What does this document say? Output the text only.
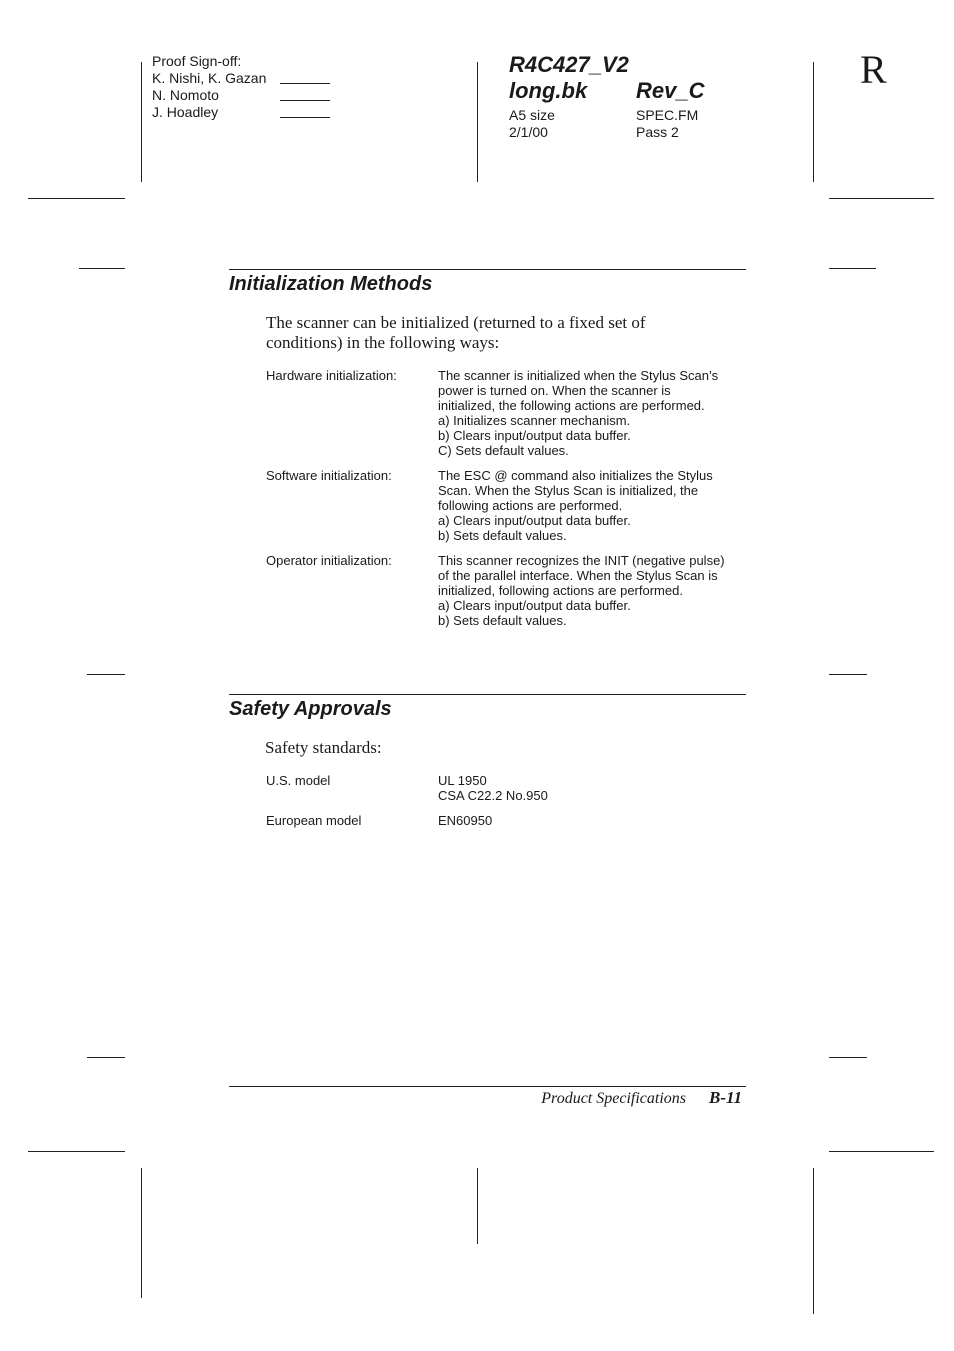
Proof Sign-off:
K. Nishi, K. Gazan
N. Nomoto
J. Hoadley
R4C427_V2
long.bk Rev_C
A5 size
2/1/00
SPEC.FM
Pass 2
R
Initialization Methods
The scanner can be initialized (returned to a fixed set of
conditions) in the following ways:
Hardware initialization:	The scanner is initialized when the Stylus Scan’s
power is turned on. When the scanner is
initialized, the following actions are performed.
a) Initializes scanner mechanism.
b) Clears input/output data buffer.
C) Sets default values.
Software initialization:	The ESC @ command also initializes the Stylus
Scan. When the Stylus Scan is initialized, the
following actions are performed.
a) Clears input/output data buffer.
b) Sets default values.
Operator initialization:	This scanner recognizes the INIT (negative pulse)
of the parallel interface. When the Stylus Scan is
initialized, following actions are performed.
a) Clears input/output data buffer.
b) Sets default values.
Safety Approvals
Safety standards:
U.S. model	UL 1950
CSA C22.2 No.950
European model	EN60950
Product Specifications B-11
